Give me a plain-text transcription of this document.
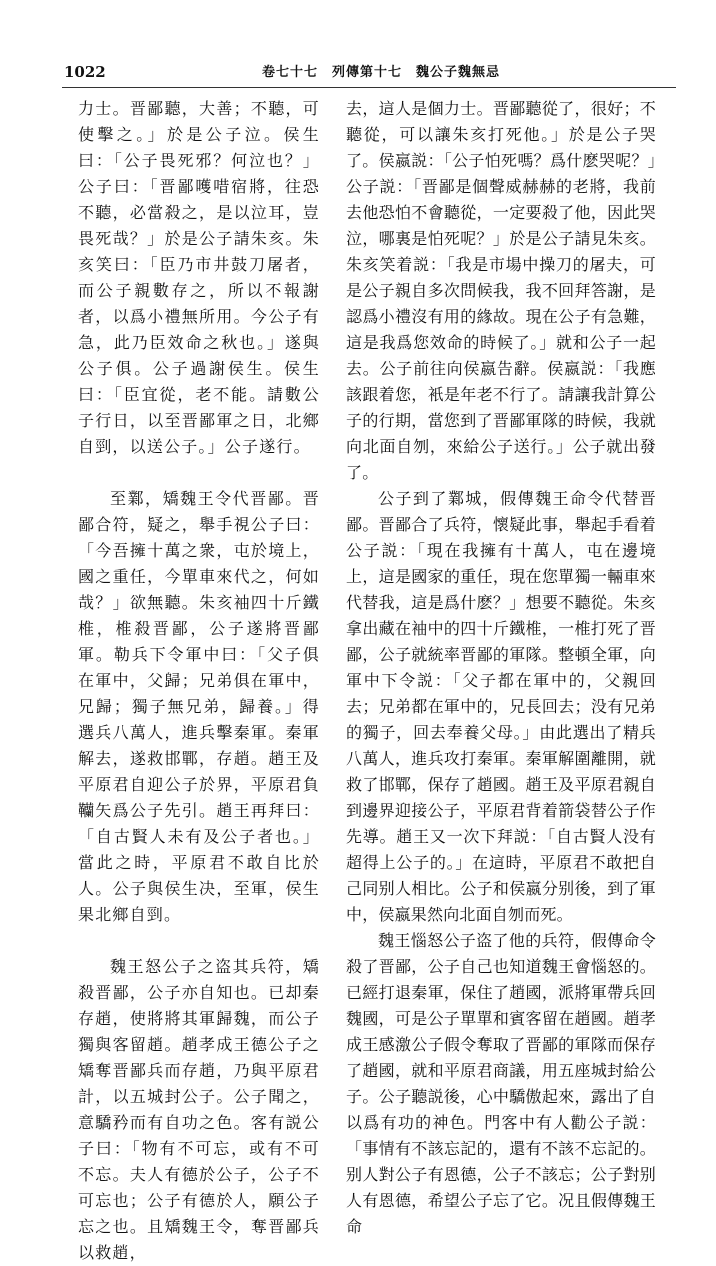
1022	卷七十七　列傳第十七　魏公子魏無忌

力士。晋鄙聽，大善；不聽，可使擊之。」於是公子泣。侯生曰：「公子畏死邪？何泣也？」公子曰：「晋鄙嚄唶宿將，往恐不聽，必當殺之，是以泣耳，豈畏死哉？」於是公子請朱亥。朱亥笑曰：「臣乃市井鼓刀屠者，而公子親數存之，所以不報謝者，以爲小禮無所用。今公子有急，此乃臣效命之秋也。」遂與公子俱。公子過謝侯生。侯生曰：「臣宜從，老不能。請數公子行日，以至晋鄙軍之日，北鄉自剄，以送公子。」公子遂行。

至鄴，矯魏王令代晋鄙。晋鄙合符，疑之，舉手視公子曰：「今吾擁十萬之衆，屯於境上，國之重任，今單車來代之，何如哉？」欲無聽。朱亥袖四十斤鐵椎，椎殺晋鄙，公子遂將晋鄙軍。勒兵下令軍中曰：「父子俱在軍中，父歸；兄弟俱在軍中，兄歸；獨子無兄弟，歸養。」得選兵八萬人，進兵擊秦軍。秦軍解去，遂救邯鄲，存趙。趙王及平原君自迎公子於界，平原君負韊矢爲公子先引。趙王再拜曰：「自古賢人未有及公子者也。」當此之時，平原君不敢自比於人。公子與侯生决，至軍，侯生果北鄉自剄。

魏王怒公子之盗其兵符，矯殺晋鄙，公子亦自知也。已却秦存趙，使將將其軍歸魏，而公子獨與客留趙。趙孝成王德公子之矯奪晋鄙兵而存趙，乃與平原君計，以五城封公子。公子聞之，意驕矜而有自功之色。客有説公子曰：「物有不可忘，或有不可不忘。夫人有德於公子，公子不可忘也；公子有德於人，願公子忘之也。且矯魏王令，奪晋鄙兵以救趙，

去，這人是個力士。晋鄙聽從了，很好；不聽從，可以讓朱亥打死他。」於是公子哭了。侯嬴説：「公子怕死嗎？爲什麽哭呢？」公子説：「晋鄙是個聲威赫赫的老將，我前去他恐怕不會聽從，一定要殺了他，因此哭泣，哪裏是怕死呢？」於是公子請見朱亥。朱亥笑着説：「我是市場中操刀的屠夫，可是公子親自多次問候我，我不回拜答謝，是認爲小禮沒有用的緣故。現在公子有急難，這是我爲您效命的時候了。」就和公子一起去。公子前往向侯嬴告辭。侯嬴説：「我應該跟着您，衹是年老不行了。請讓我計算公子的行期，當您到了晋鄙軍隊的時候，我就向北面自刎，來給公子送行。」公子就出發了。

公子到了鄴城，假傳魏王命令代替晋鄙。晋鄙合了兵符，懷疑此事，舉起手看着公子説：「現在我擁有十萬人，屯在邊境上，這是國家的重任，現在您單獨一輛車來代替我，這是爲什麽？」想要不聽從。朱亥拿出藏在袖中的四十斤鐵椎，一椎打死了晋鄙，公子就統率晋鄙的軍隊。整頓全軍，向軍中下令説：「父子都在軍中的，父親回去；兄弟都在軍中的，兄長回去；没有兄弟的獨子，回去奉養父母。」由此選出了精兵八萬人，進兵攻打秦軍。秦軍解圍離開，就救了邯鄲，保存了趙國。趙王及平原君親自到邊界迎接公子，平原君背着箭袋替公子作先導。趙王又一次下拜説：「自古賢人没有超得上公子的。」在這時，平原君不敢把自己同别人相比。公子和侯嬴分别後，到了軍中，侯嬴果然向北面自刎而死。

魏王惱怒公子盗了他的兵符，假傳命令殺了晋鄙，公子自己也知道魏王會惱怒的。已經打退秦軍，保住了趙國，派將軍帶兵回魏國，可是公子單單和賓客留在趙國。趙孝成王感激公子假令奪取了晋鄙的軍隊而保存了趙國，就和平原君商議，用五座城封給公子。公子聽説後，心中驕傲起來，露出了自以爲有功的神色。門客中有人勸公子説：「事情有不該忘記的，還有不該不忘記的。别人對公子有恩德，公子不該忘；公子對别人有恩德，希望公子忘了它。况且假傳魏王命
